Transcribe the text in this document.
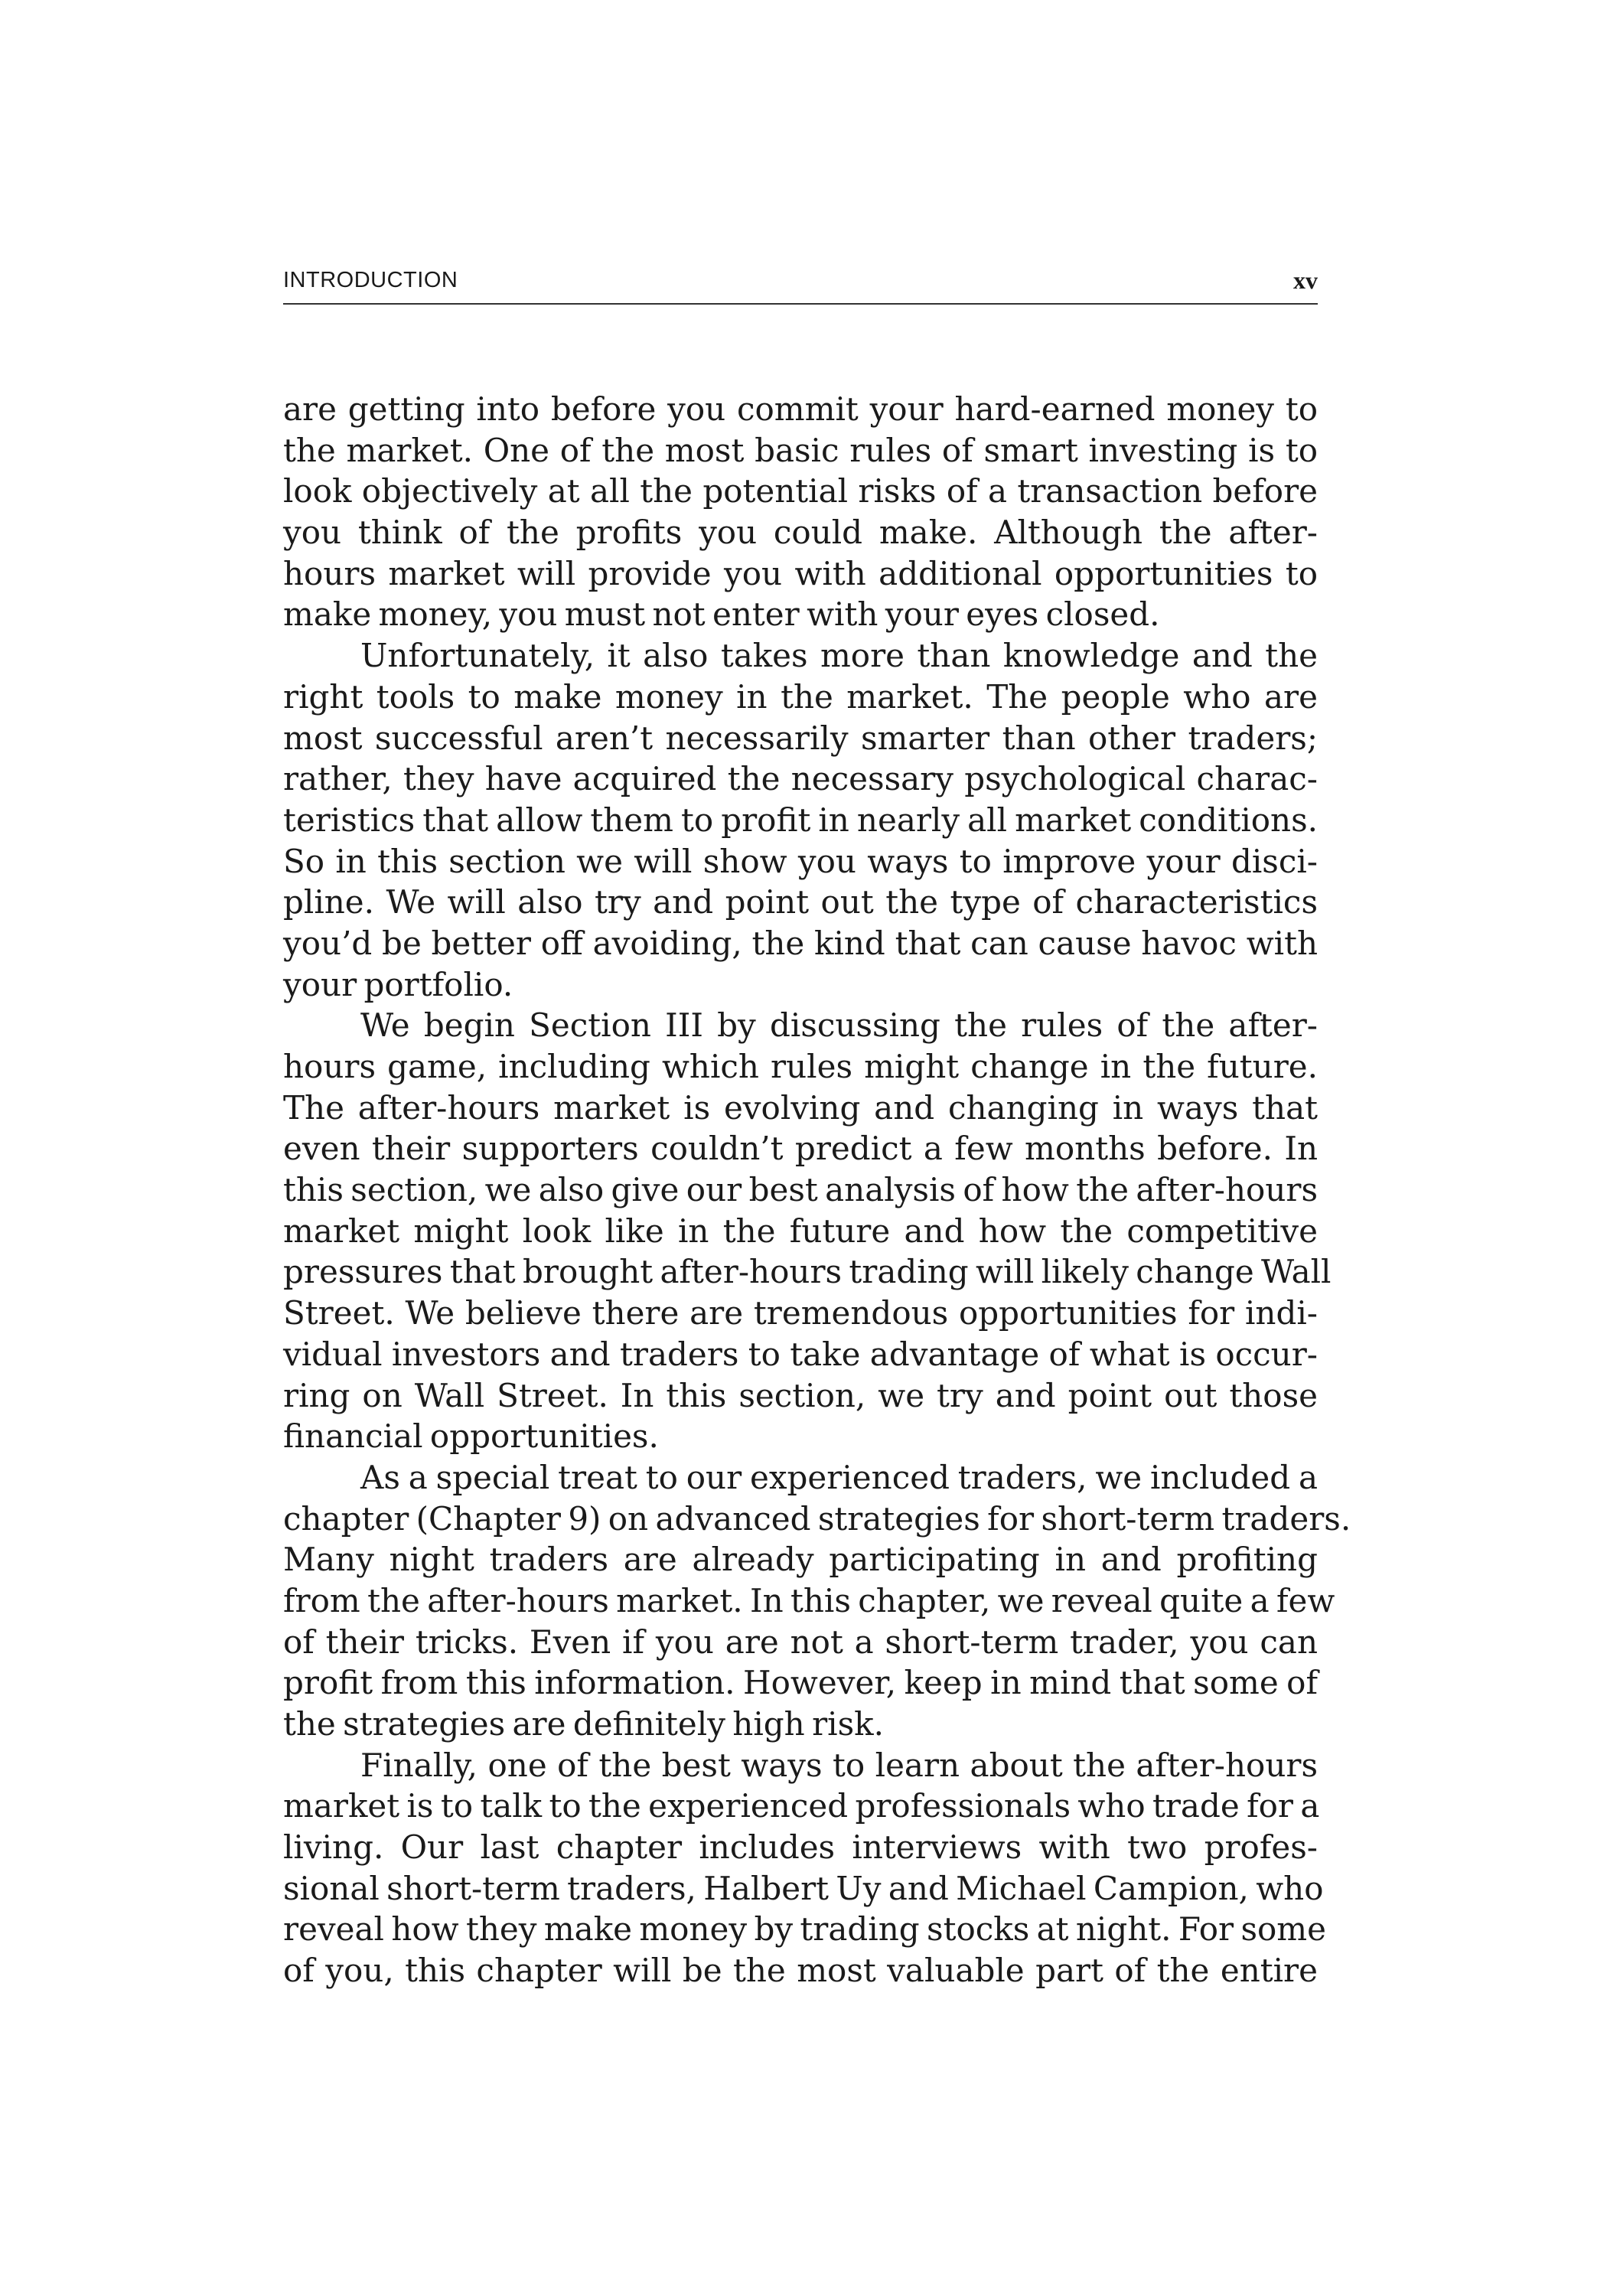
INTRODUCTION	xv
are getting into before you commit your hard-earned money to
the market. One of the most basic rules of smart investing is to
look objectively at all the potential risks of a transaction before
you think of the profits you could make. Although the after-
hours market will provide you with additional opportunities to
make money, you must not enter with your eyes closed.
Unfortunately, it also takes more than knowledge and the
right tools to make money in the market. The people who are
most successful aren’t necessarily smarter than other traders;
rather, they have acquired the necessary psychological charac-
teristics that allow them to profit in nearly all market conditions.
So in this section we will show you ways to improve your disci-
pline. We will also try and point out the type of characteristics
you’d be better off avoiding, the kind that can cause havoc with
your portfolio.
We begin Section III by discussing the rules of the after-
hours game, including which rules might change in the future.
The after-hours market is evolving and changing in ways that
even their supporters couldn’t predict a few months before. In
this section, we also give our best analysis of how the after-hours
market might look like in the future and how the competitive
pressures that brought after-hours trading will likely change Wall
Street. We believe there are tremendous opportunities for indi-
vidual investors and traders to take advantage of what is occur-
ring on Wall Street. In this section, we try and point out those
financial opportunities.
As a special treat to our experienced traders, we included a
chapter (Chapter 9) on advanced strategies for short-term traders.
Many night traders are already participating in and profiting
from the after-hours market. In this chapter, we reveal quite a few
of their tricks. Even if you are not a short-term trader, you can
profit from this information. However, keep in mind that some of
the strategies are definitely high risk.
Finally, one of the best ways to learn about the after-hours
market is to talk to the experienced professionals who trade for a
living. Our last chapter includes interviews with two profes-
sional short-term traders, Halbert Uy and Michael Campion, who
reveal how they make money by trading stocks at night. For some
of you, this chapter will be the most valuable part of the entire
